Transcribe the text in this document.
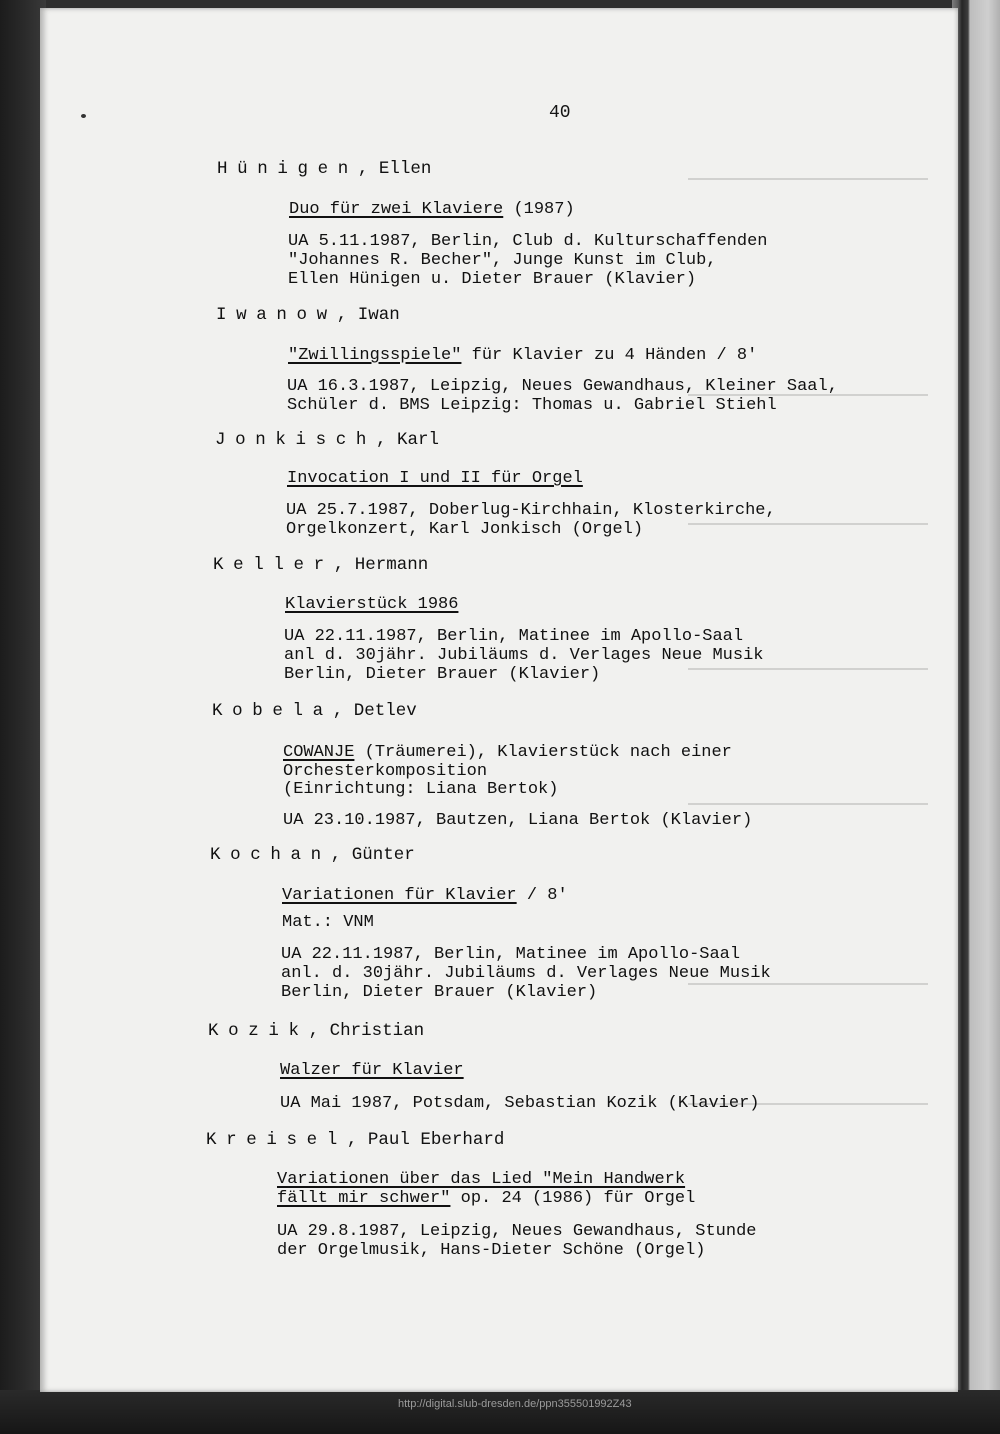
40
Hünigen, Ellen
Duo für zwei Klaviere (1987)
UA 5.11.1987, Berlin, Club d. Kulturschaffenden
"Johannes R. Becher", Junge Kunst im Club,
Ellen Hünigen u. Dieter Brauer (Klavier)
Iwanow, Iwan
"Zwillingsspiele" für Klavier zu 4 Händen / 8'
UA 16.3.1987, Leipzig, Neues Gewandhaus, Kleiner Saal,
Schüler d. BMS Leipzig: Thomas u. Gabriel Stiehl
Jonkisch, Karl
Invocation I und II für Orgel
UA 25.7.1987, Doberlug-Kirchhain, Klosterkirche,
Orgelkonzert, Karl Jonkisch (Orgel)
Keller, Hermann
Klavierstück 1986
UA 22.11.1987, Berlin, Matinee im Apollo-Saal
anl d. 30jähr. Jubiläums d. Verlages Neue Musik
Berlin, Dieter Brauer (Klavier)
Kobela, Detlev
COWANJE (Träumerei), Klavierstück nach einer
Orchesterkomposition
(Einrichtung: Liana Bertok)
UA 23.10.1987, Bautzen, Liana Bertok (Klavier)
Kochan, Günter
Variationen für Klavier / 8'
Mat.: VNM
UA 22.11.1987, Berlin, Matinee im Apollo-Saal
anl. d. 30jähr. Jubiläums d. Verlages Neue Musik
Berlin, Dieter Brauer (Klavier)
Kozik, Christian
Walzer für Klavier
UA Mai 1987, Potsdam, Sebastian Kozik (Klavier)
Kreisel, Paul Eberhard
Variationen über das Lied "Mein Handwerk
fällt mir schwer" op. 24 (1986) für Orgel
UA 29.8.1987, Leipzig, Neues Gewandhaus, Stunde
der Orgelmusik, Hans-Dieter Schöne (Orgel)
http://digital.slub-dresden.de/ppn355501992Z43
